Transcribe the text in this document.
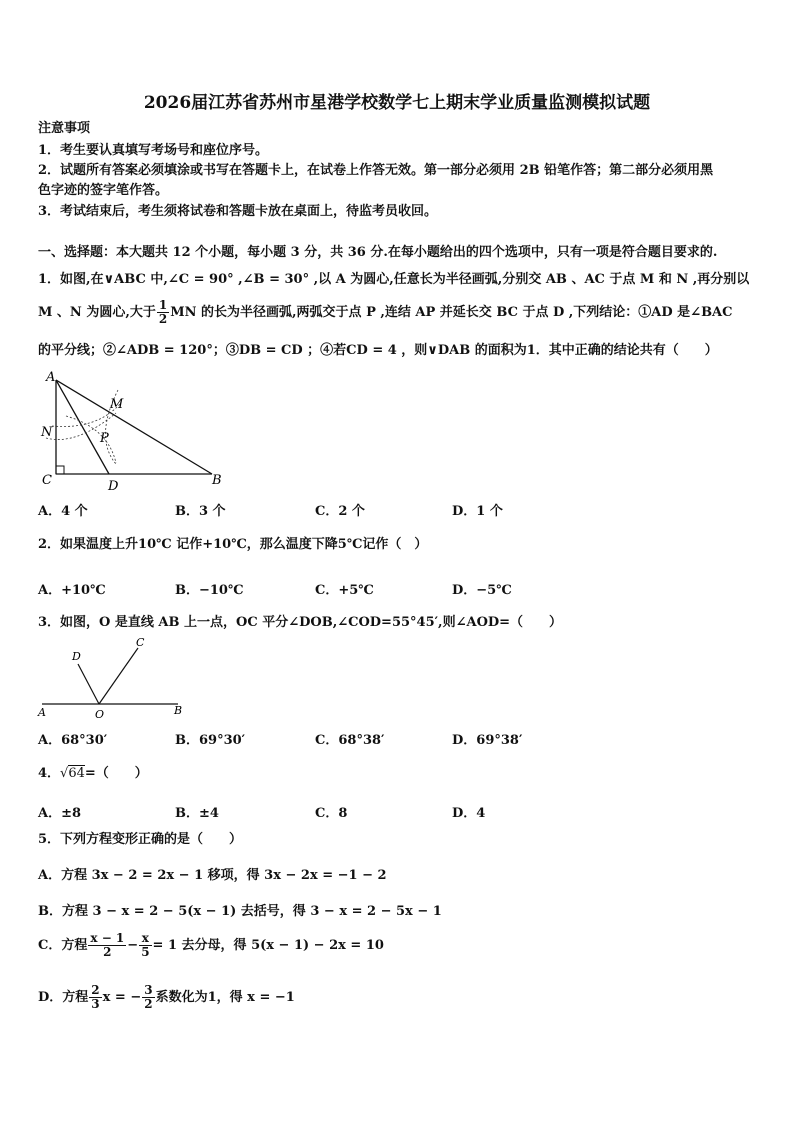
2026届江苏省苏州市星港学校数学七上期末学业质量监测模拟试题
注意事项
1．考生要认真填写考场号和座位序号。
2．试题所有答案必须填涂或书写在答题卡上，在试卷上作答无效。第一部分必须用 2B 铅笔作答；第二部分必须用黑
色字迹的签字笔作答。
3．考试结束后，考生须将试卷和答题卡放在桌面上，待监考员收回。
一、选择题：本大题共 12 个小题，每小题 3 分，共 36 分.在每小题给出的四个选项中，只有一项是符合题目要求的.
1．如图,在∨ABC 中,∠C = 90° ,∠B = 30° ,以 A 为圆心,任意长为半径画弧,分别交 AB 、AC 于点 M 和 N ,再分别以
M 、N 为圆心,大于 $\frac{1}{2}$ MN 的长为半径画弧,两弧交于点 P ,连结 AP 并延长交 BC 于点 D ,下列结论：①AD 是∠BAC
的平分线；②∠ADB = 120°；③DB = CD ；④若CD = 4 ，则∨DAB 的面积为1．其中正确的结论共有（　　）
A
M
N	P
C	D	B
A．4 个	B．3 个	C．2 个	D．1 个
2．如果温度上升10℃ 记作+10℃，那么温度下降5℃记作（　）
A．+10℃	B．−10℃	C．+5℃	D．−5℃
3．如图，O 是直线 AB 上一点，OC 平分∠DOB,∠COD=55°45′,则∠AOD=（　　）
A	B
C
D
O
A．68°30′	B．69°30′	C．68°38′	D．69°38′
4．√64=（　　）
A．±8	B．±4	C．8	D．4
5．下列方程变形正确的是（　　）
A．方程 3x − 2 = 2x − 1 移项，得 3x − 2x = −1 − 2
B．方程 3 − x = 2 − 5(x − 1) 去括号，得 3 − x = 2 − 5x − 1
C．方程 $\frac{x - 1}{2} - \frac{x}{5} = 1$ 去分母，得 5(x − 1) − 2x = 10
D．方程 $\frac{2}{3}$ x = − $\frac{3}{2}$ 系数化为1，得 x = −1
